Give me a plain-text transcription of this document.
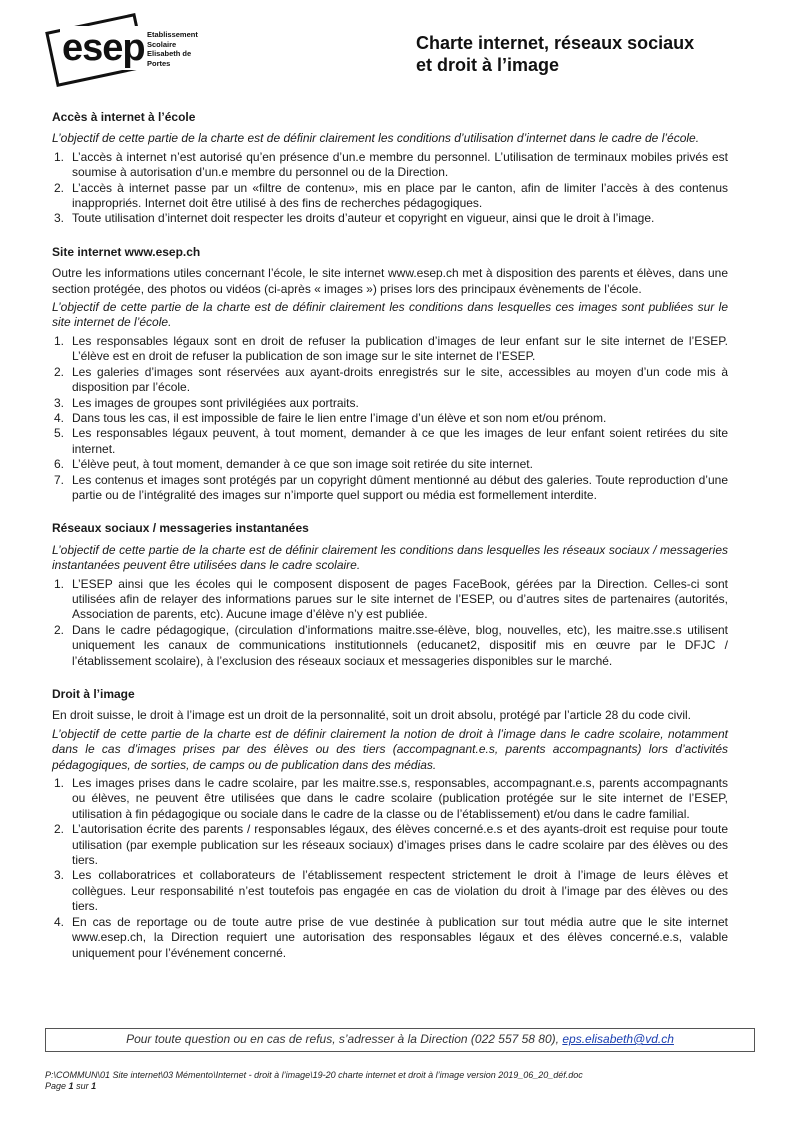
esep Etablissement
Scolaire
Elisabeth de
Portes
Charte internet, réseaux sociaux
et droit à l’image
Accès à internet à l’école

L’objectif de cette partie de la charte est de définir clairement les conditions d’utilisation d’internet dans le cadre de l’école.

1. L’accès à internet n’est autorisé qu’en présence d’un.e membre du personnel. L’utilisation de terminaux mobiles privés est soumise à autorisation d’un.e membre du personnel ou de la Direction.
2. L’accès à internet passe par un «filtre de contenu», mis en place par le canton, afin de limiter l’accès à des contenus inappropriés. Internet doit être utilisé à des fins de recherches pédagogiques.
3. Toute utilisation d’internet doit respecter les droits d’auteur et copyright en vigueur, ainsi que le droit à l’image.
Site internet www.esep.ch

Outre les informations utiles concernant l’école, le site internet www.esep.ch met à disposition des parents et élèves, dans une section protégée, des photos ou vidéos (ci-après « images ») prises lors des principaux évènements de l’école.

L’objectif de cette partie de la charte est de définir clairement les conditions dans lesquelles ces images sont publiées sur le site internet de l’école.

1. Les responsables légaux sont en droit de refuser la publication d’images de leur enfant sur le site internet de l’ESEP. L’élève est en droit de refuser la publication de son image sur le site internet de l’ESEP.
2. Les galeries d’images sont réservées aux ayant-droits enregistrés sur le site, accessibles au moyen d’un code mis à disposition par l’école.
3. Les images de groupes sont privilégiées aux portraits.
4. Dans tous les cas, il est impossible de faire le lien entre l’image d’un élève et son nom et/ou prénom.
5. Les responsables légaux peuvent, à tout moment, demander à ce que les images de leur enfant soient retirées du site internet.
6. L’élève peut, à tout moment, demander à ce que son image soit retirée du site internet.
7. Les contenus et images sont protégés par un copyright dûment mentionné au début des galeries. Toute reproduction d’une partie ou de l’intégralité des images sur n’importe quel support ou média est formellement interdite.
Réseaux sociaux / messageries instantanées

L’objectif de cette partie de la charte est de définir clairement les conditions dans lesquelles les réseaux sociaux / messageries instantanées peuvent être utilisées dans le cadre scolaire.

1. L’ESEP ainsi que les écoles qui le composent disposent de pages FaceBook, gérées par la Direction. Celles-ci sont utilisées afin de relayer des informations parues sur le site internet de l’ESEP, ou d’autres sites de partenaires (autorités, Association de parents, etc). Aucune image d’élève n’y est publiée.
2. Dans le cadre pédagogique, (circulation d’informations maitre.sse-élève, blog, nouvelles, etc), les maitre.sse.s utilisent uniquement les canaux de communications institutionnels (educanet2, dispositif mis en œuvre par le DFJC / l’établissement scolaire), à l’exclusion des réseaux sociaux et messageries disponibles sur le marché.
Droit à l’image

En droit suisse, le droit à l’image est un droit de la personnalité, soit un droit absolu, protégé par l’article 28 du code civil.

L’objectif de cette partie de la charte est de définir clairement la notion de droit à l’image dans le cadre scolaire, notamment dans le cas d’images prises par des élèves ou des tiers (accompagnant.e.s, parents accompagnants) lors d’activités pédagogiques, de sorties, de camps ou de publication dans des médias.

1. Les images prises dans le cadre scolaire, par les maitre.sse.s, responsables, accompagnant.e.s, parents accompagnants ou élèves, ne peuvent être utilisées que dans le cadre scolaire (publication protégée sur le site internet de l’ESEP, utilisation à fin pédagogique ou sociale dans le cadre de la classe ou de l’établissement) et/ou dans le cadre familial.
2. L’autorisation écrite des parents / responsables légaux, des élèves concerné.e.s et des ayants-droit est requise pour toute utilisation (par exemple publication sur les réseaux sociaux) d’images prises dans le cadre scolaire par des élèves ou des tiers.
3. Les collaboratrices et collaborateurs de l’établissement respectent strictement le droit à l’image de leurs élèves et collègues. Leur responsabilité n’est toutefois pas engagée en cas de violation du droit à l’image par des élèves ou des tiers.
4. En cas de reportage ou de toute autre prise de vue destinée à publication sur tout média autre que le site internet www.esep.ch, la Direction requiert une autorisation des responsables légaux et des élèves concerné.e.s, valable uniquement pour l’événement concerné.
Pour toute question ou en cas de refus, s’adresser à la Direction (022 557 58 80), eps.elisabeth@vd.ch
P:\COMMUN\01 Site internet\03 Mémento\Internet - droit à l’image\19-20 charte internet et droit à l’image version 2019_06_20_déf.doc
Page 1 sur 1
